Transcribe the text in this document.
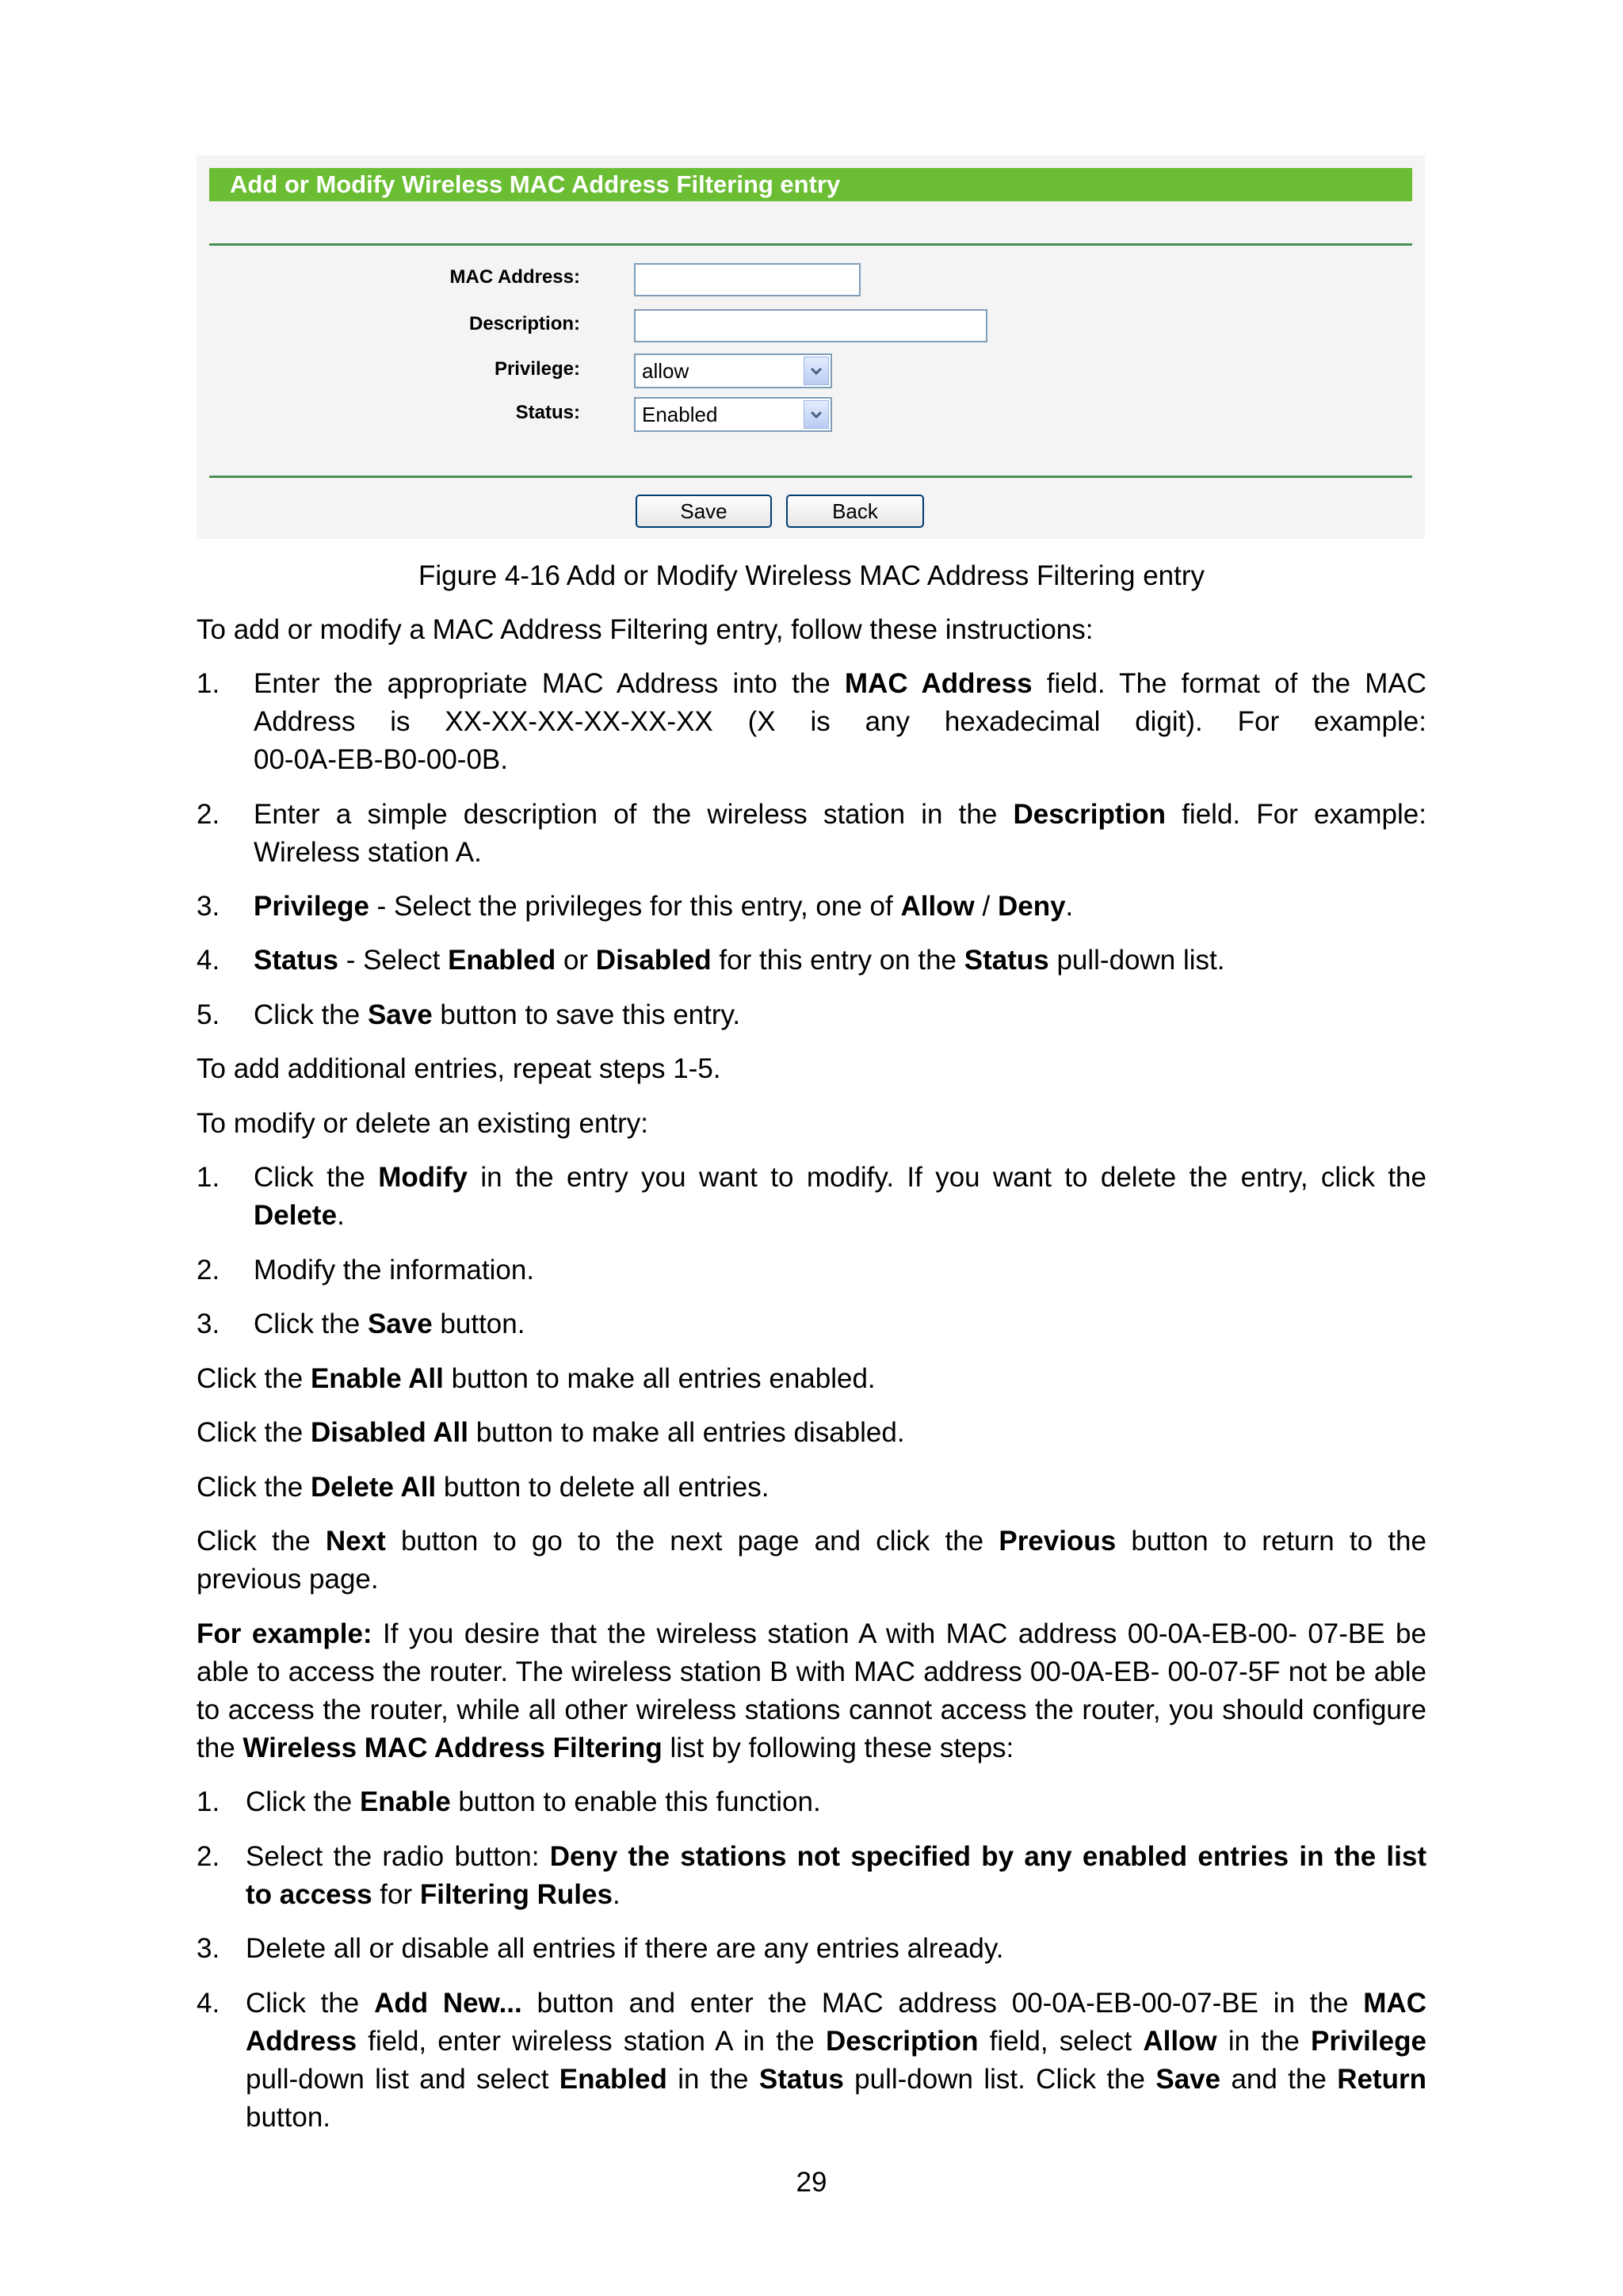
Add or Modify Wireless MAC Address Filtering entry
MAC Address:
Description:
Privilege:	allow
Status:	Enabled
Save	Back
Figure 4-16 Add or Modify Wireless MAC Address Filtering entry
To add or modify a MAC Address Filtering entry, follow these instructions:
1. Enter the appropriate MAC Address into the MAC Address field. The format of the MAC
Address is XX-XX-XX-XX-XX-XX (X is any hexadecimal digit). For example:
00-0A-EB-B0-00-0B.
2. Enter a simple description of the wireless station in the Description field. For example:
Wireless station A.
3. Privilege - Select the privileges for this entry, one of Allow / Deny.
4. Status - Select Enabled or Disabled for this entry on the Status pull-down list.
5. Click the Save button to save this entry.
To add additional entries, repeat steps 1-5.
To modify or delete an existing entry:
1. Click the Modify in the entry you want to modify. If you want to delete the entry, click the
Delete.
2. Modify the information.
3. Click the Save button.
Click the Enable All button to make all entries enabled.
Click the Disabled All button to make all entries disabled.
Click the Delete All button to delete all entries.
Click the Next button to go to the next page and click the Previous button to return to the
previous page.
For example: If you desire that the wireless station A with MAC address 00-0A-EB-00- 07-BE be
able to access the router. The wireless station B with MAC address 00-0A-EB- 00-07-5F not be able
to access the router, while all other wireless stations cannot access the router, you should configure
the Wireless MAC Address Filtering list by following these steps:
1. Click the Enable button to enable this function.
2. Select the radio button: Deny the stations not specified by any enabled entries in the list
to access for Filtering Rules.
3. Delete all or disable all entries if there are any entries already.
4. Click the Add New... button and enter the MAC address 00-0A-EB-00-07-BE in the MAC
Address field, enter wireless station A in the Description field, select Allow in the Privilege
pull-down list and select Enabled in the Status pull-down list. Click the Save and the Return
button.
29
